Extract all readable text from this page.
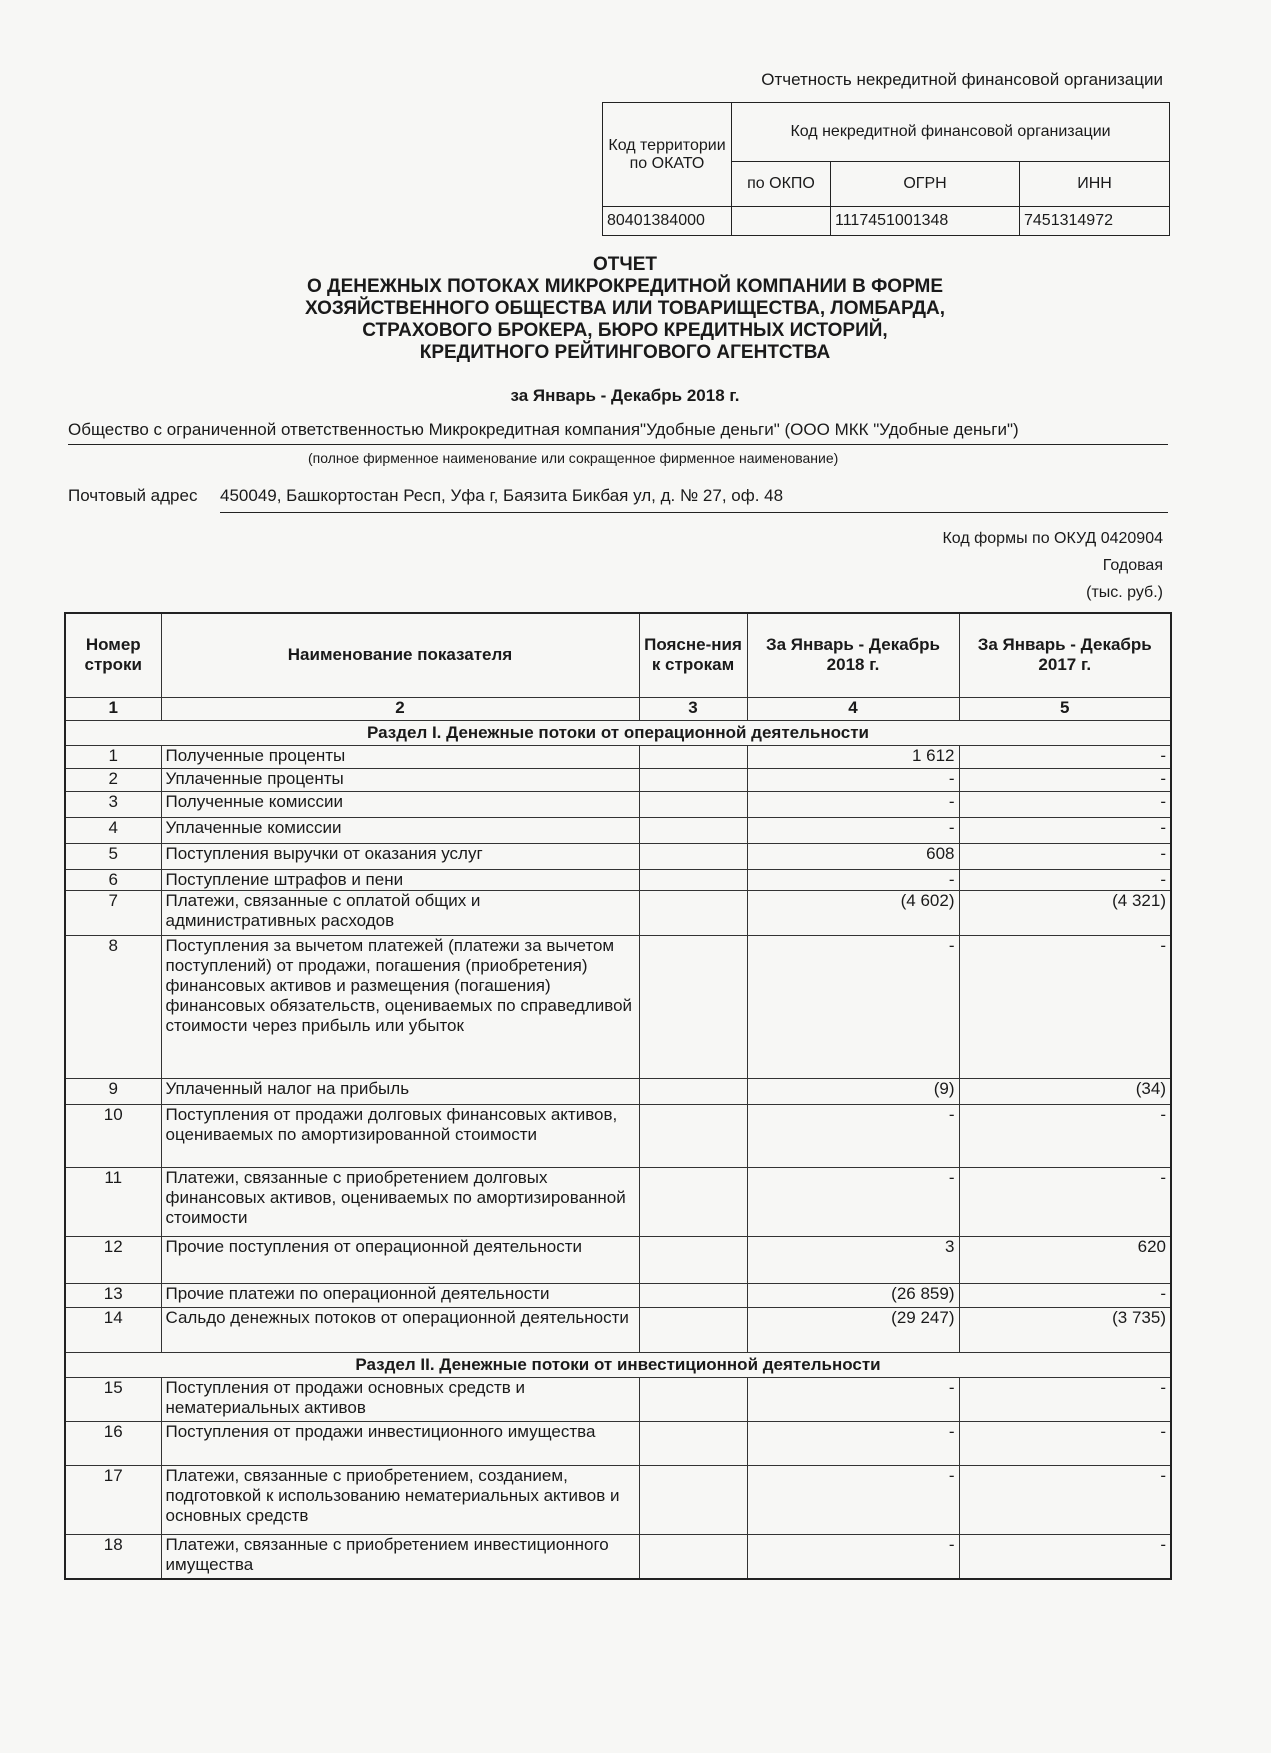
Отчетность некредитной финансовой организации
Код территории по ОКАТО	Код некредитной финансовой организации		
	по ОКПО	ОГРН	ИНН
80401384000		1117451001348	7451314972
ОТЧЕТ
О ДЕНЕЖНЫХ ПОТОКАХ МИКРОКРЕДИТНОЙ КОМПАНИИ В ФОРМЕ
ХОЗЯЙСТВЕННОГО ОБЩЕСТВА ИЛИ ТОВАРИЩЕСТВА, ЛОМБАРДА,
СТРАХОВОГО БРОКЕРА, БЮРО КРЕДИТНЫХ ИСТОРИЙ,
КРЕДИТНОГО РЕЙТИНГОВОГО АГЕНТСТВА
за Январь - Декабрь 2018 г.
Общество с ограниченной ответственностью Микрокредитная компания"Удобные деньги" (ООО МКК "Удобные деньги")
(полное фирменное наименование или сокращенное фирменное наименование)
Почтовый адрес 450049, Башкортостан Респ, Уфа г, Баязита Бикбая ул, д. № 27, оф. 48
Код формы по ОКУД 0420904
Годовая
(тыс. руб.)
Номер строки	Наименование показателя	Поясне-ния к строкам	За Январь - Декабрь 2018 г.	За Январь - Декабрь 2017 г.
1	2	3	4	5
Раздел I. Денежные потоки от операционной деятельности				
1	Полученные проценты		1 612	-
2	Уплаченные проценты		-	-
3	Полученные комиссии		-	-
4	Уплаченные комиссии		-	-
5	Поступления выручки от оказания услуг		608	-
6	Поступление штрафов и пени		-	-
7	Платежи, связанные с оплатой общих и административных расходов		(4 602)	(4 321)
8	Поступления за вычетом платежей (платежи за вычетом поступлений) от продажи, погашения (приобретения) финансовых активов и размещения (погашения) финансовых обязательств, оцениваемых по справедливой стоимости через прибыль или убыток		-	-
9	Уплаченный налог на прибыль		(9)	(34)
10	Поступления от продажи долговых финансовых активов, оцениваемых по амортизированной стоимости		-	-
11	Платежи, связанные с приобретением долговых финансовых активов, оцениваемых по амортизированной стоимости		-	-
12	Прочие поступления от операционной деятельности		3	620
13	Прочие платежи по операционной деятельности		(26 859)	-
14	Сальдо денежных потоков от операционной деятельности		(29 247)	(3 735)
Раздел II. Денежные потоки от инвестиционной деятельности				
15	Поступления от продажи основных средств и нематериальных активов		-	-
16	Поступления от продажи инвестиционного имущества		-	-
17	Платежи, связанные с приобретением, созданием, подготовкой к использованию нематериальных активов и основных средств		-	-
18	Платежи, связанные с приобретением инвестиционного имущества		-	-
